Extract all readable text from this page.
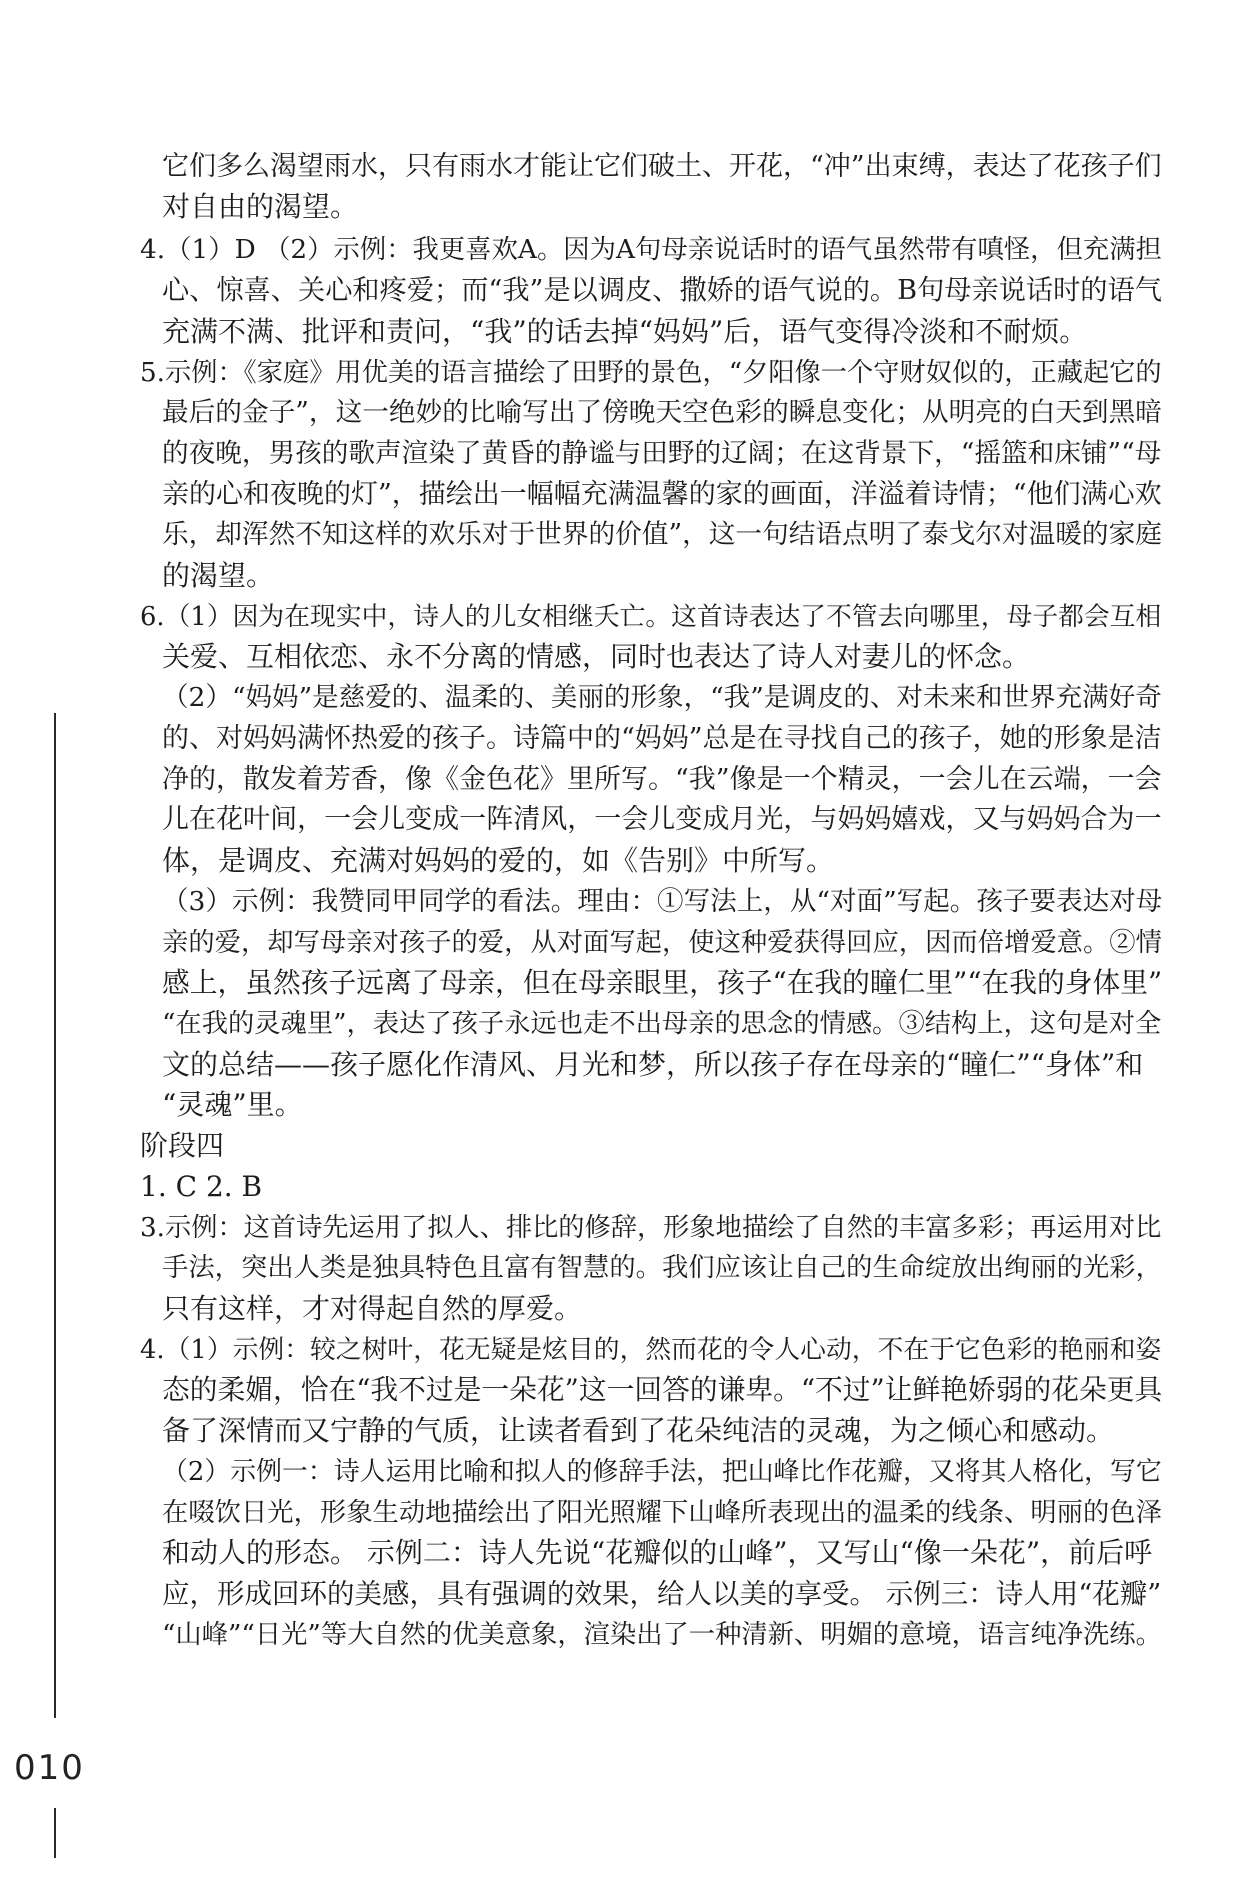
它们多么渴望雨水，只有雨水才能让它们破土、开花，“冲”出束缚，表达了花孩子们
对自由的渴望。
4.（1）D （2）示例：我更喜欢A。因为A句母亲说话时的语气虽然带有嗔怪，但充满担
心、惊喜、关心和疼爱；而“我”是以调皮、撒娇的语气说的。B句母亲说话时的语气
充满不满、批评和责问，“我”的话去掉“妈妈”后，语气变得冷淡和不耐烦。
5.示例：《家庭》用优美的语言描绘了田野的景色，“夕阳像一个守财奴似的，正藏起它的
最后的金子”，这一绝妙的比喻写出了傍晚天空色彩的瞬息变化；从明亮的白天到黑暗
的夜晚，男孩的歌声渲染了黄昏的静谧与田野的辽阔；在这背景下，“摇篮和床铺”“母
亲的心和夜晚的灯”，描绘出一幅幅充满温馨的家的画面，洋溢着诗情；“他们满心欢
乐，却浑然不知这样的欢乐对于世界的价值”，这一句结语点明了泰戈尔对温暖的家庭
的渴望。
6.（1）因为在现实中，诗人的儿女相继夭亡。这首诗表达了不管去向哪里，母子都会互相
关爱、互相依恋、永不分离的情感，同时也表达了诗人对妻儿的怀念。
（2）“妈妈”是慈爱的、温柔的、美丽的形象，“我”是调皮的、对未来和世界充满好奇
的、对妈妈满怀热爱的孩子。诗篇中的“妈妈”总是在寻找自己的孩子，她的形象是洁
净的，散发着芳香，像《金色花》里所写。“我”像是一个精灵，一会儿在云端，一会
儿在花叶间，一会儿变成一阵清风，一会儿变成月光，与妈妈嬉戏，又与妈妈合为一
体，是调皮、充满对妈妈的爱的，如《告别》中所写。
（3）示例：我赞同甲同学的看法。理由：①写法上，从“对面”写起。孩子要表达对母
亲的爱，却写母亲对孩子的爱，从对面写起，使这种爱获得回应，因而倍增爱意。②情
感上，虽然孩子远离了母亲，但在母亲眼里，孩子“在我的瞳仁里”“在我的身体里”
“在我的灵魂里”，表达了孩子永远也走不出母亲的思念的情感。③结构上，这句是对全
文的总结——孩子愿化作清风、月光和梦，所以孩子存在母亲的“瞳仁”“身体”和
“灵魂”里。
阶段四
1. C 2. B
3.示例：这首诗先运用了拟人、排比的修辞，形象地描绘了自然的丰富多彩；再运用对比
手法，突出人类是独具特色且富有智慧的。我们应该让自己的生命绽放出绚丽的光彩，
只有这样，才对得起自然的厚爱。
4.（1）示例：较之树叶，花无疑是炫目的，然而花的令人心动，不在于它色彩的艳丽和姿
态的柔媚，恰在“我不过是一朵花”这一回答的谦卑。“不过”让鲜艳娇弱的花朵更具
备了深情而又宁静的气质，让读者看到了花朵纯洁的灵魂，为之倾心和感动。
（2）示例一：诗人运用比喻和拟人的修辞手法，把山峰比作花瓣，又将其人格化，写它
在啜饮日光，形象生动地描绘出了阳光照耀下山峰所表现出的温柔的线条、明丽的色泽
和动人的形态。 示例二：诗人先说“花瓣似的山峰”，又写山“像一朵花”，前后呼
应，形成回环的美感，具有强调的效果，给人以美的享受。 示例三：诗人用“花瓣”
“山峰”“日光”等大自然的优美意象，渲染出了一种清新、明媚的意境，语言纯净洗练。
010
